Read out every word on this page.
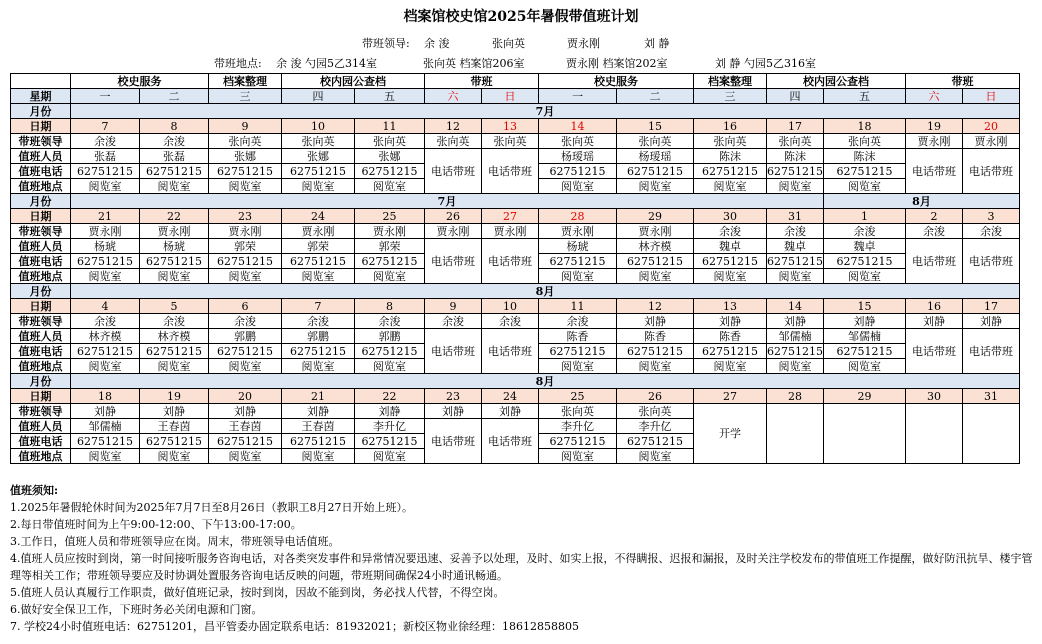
档案馆校史馆2025年暑假带值班计划
带班领导: 余 浚	张向英	贾永刚	刘 静
带班地点: 余 浚 勺园5乙314室	张向英 档案馆206室	贾永刚 档案馆202室	刘 静 勺园5乙316室
	校史服务		档案整理	校内园公查档		带班		校史服务		档案整理	校内园公查档		带班	
星期	一	二	三	四	五	六	日	一	二	三	四	五	六	日
月份	7月													
日期	7	8	9	10	11	12	13	14	15	16	17	18	19	20
带班领导	余浚	余浚	张向英	张向英	张向英	张向英	张向英	张向英	张向英	张向英	张向英	张向英	贾永刚	贾永刚
值班人员	张磊	张磊	张娜	张娜	张娜	电话带班	电话带班	杨瑷瑶	杨瑷瑶	陈沫	陈沫	陈沫	电话带班	电话带班
值班电话	62751215	62751215	62751215	62751215	62751215			62751215	62751215	62751215	62751215	62751215		
值班地点	阅览室	阅览室	阅览室	阅览室	阅览室			阅览室	阅览室	阅览室	阅览室	阅览室		
月份	7月											8月		
日期	21	22	23	24	25	26	27	28	29	30	31	1	2	3
带班领导	贾永刚	贾永刚	贾永刚	贾永刚	贾永刚	贾永刚	贾永刚	贾永刚	贾永刚	余浚	余浚	余浚	余浚	余浚
值班人员	杨琥	杨琥	郭荣	郭荣	郭荣	电话带班	电话带班	杨琥	林齐模	魏卓	魏卓	魏卓	电话带班	电话带班
值班电话	62751215	62751215	62751215	62751215	62751215			62751215	62751215	62751215	62751215	62751215		
值班地点	阅览室	阅览室	阅览室	阅览室	阅览室			阅览室	阅览室	阅览室	阅览室	阅览室		
月份	8月													
日期	4	5	6	7	8	9	10	11	12	13	14	15	16	17
带班领导	余浚	余浚	余浚	余浚	余浚	余浚	余浚	余浚	刘静	刘静	刘静	刘静	刘静	刘静
值班人员	林齐模	林齐模	郭鹏	郭鹏	郭鹏	电话带班	电话带班	陈香	陈香	陈香	邹儒楠	邹儒楠	电话带班	电话带班
值班电话	62751215	62751215	62751215	62751215	62751215			62751215	62751215	62751215	62751215	62751215		
值班地点	阅览室	阅览室	阅览室	阅览室	阅览室			阅览室	阅览室	阅览室	阅览室	阅览室		
月份	8月													
日期	18	19	20	21	22	23	24	25	26	27	28	29	30	31
带班领导	刘静	刘静	刘静	刘静	刘静	刘静	刘静	张向英	张向英	开学				
值班人员	邹儒楠	王春茵	王春茵	王春茵	李升亿	电话带班	电话带班	李升亿	李升亿					
值班电话	62751215	62751215	62751215	62751215	62751215			62751215	62751215					
值班地点	阅览室	阅览室	阅览室	阅览室	阅览室			阅览室	阅览室					
值班须知:
1.2025年暑假轮休时间为2025年7月7日至8月26日（教职工8月27日开始上班）。
2.每日带值班时间为上午9:00-12:00、下午13:00-17:00。
3.工作日，值班人员和带班领导应在岗。周末，带班领导电话值班。
4.值班人员应按时到岗，第一时间接听服务咨询电话，对各类突发事件和异常情况要迅速、妥善予以处理，及时、如实上报，不得瞒报、迟报和漏报，及时关注学校发布的带值班工作提醒，做好防汛抗旱、楼宇管理等相关工作；带班领导要应及时协调处置服务咨询电话反映的问题，带班期间确保24小时通讯畅通。
5.值班人员认真履行工作职责，做好值班记录，按时到岗，因故不能到岗，务必找人代替，不得空岗。
6.做好安全保卫工作，下班时务必关闭电源和门窗。
7. 学校24小时值班电话：62751201，昌平管委办固定联系电话：81932021；新校区物业徐经理：18612858805
